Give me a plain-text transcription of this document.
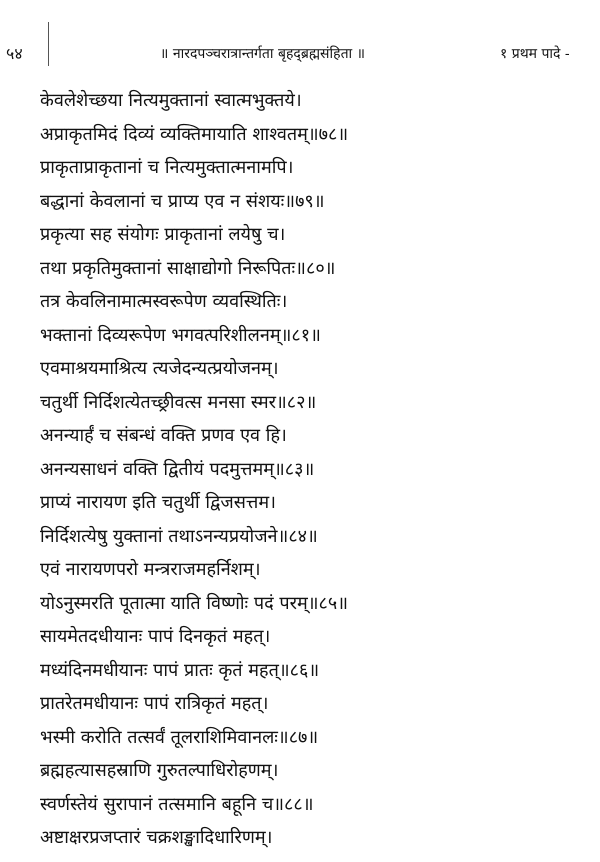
५४	॥ नारदपञ्चरात्रान्तर्गता बृहद्ब्रह्मसंहिता ॥	१ प्रथम पादे -
केवलेशेच्छया नित्यमुक्तानां स्वात्मभुक्तये।
अप्राकृतमिदं दिव्यं व्यक्तिमायाति शाश्वतम्॥७८॥
प्राकृताप्राकृतानां च नित्यमुक्तात्मनामपि।
बद्धानां केवलानां च प्राप्य एव न संशयः॥७९॥
प्रकृत्या सह संयोगः प्राकृतानां लयेषु च।
तथा प्रकृतिमुक्तानां साक्षाद्योगो निरूपितः॥८०॥
तत्र केवलिनामात्मस्वरूपेण व्यवस्थितिः।
भक्तानां दिव्यरूपेण भगवत्परिशीलनम्॥८१॥
एवमाश्रयमाश्रित्य त्यजेदन्यत्प्रयोजनम्।
चतुर्थी निर्दिशत्येतच्छ्रीवत्स मनसा स्मर॥८२॥
अनन्यार्हं च संबन्धं वक्ति प्रणव एव हि।
अनन्यसाधनं वक्ति द्वितीयं पदमुत्तमम्॥८३॥
प्राप्यं नारायण इति चतुर्थी द्विजसत्तम।
निर्दिशत्येषु युक्तानां तथाऽनन्यप्रयोजने॥८४॥
एवं नारायणपरो मन्त्रराजमहर्निशम्।
योऽनुस्मरति पूतात्मा याति विष्णोः पदं परम्॥८५॥
सायमेतदधीयानः पापं दिनकृतं महत्।
मध्यंदिनमधीयानः पापं प्रातः कृतं महत्॥८६॥
प्रातरेतमधीयानः पापं रात्रिकृतं महत्।
भस्मी करोति तत्सर्वं तूलराशिमिवानलः॥८७॥
ब्रह्महत्यासहस्राणि गुरुतल्पाधिरोहणम्।
स्वर्णस्तेयं सुरापानं तत्समानि बहूनि च॥८८॥
अष्टाक्षरप्रजप्तारं चक्रशङ्खादिधारिणम्।
